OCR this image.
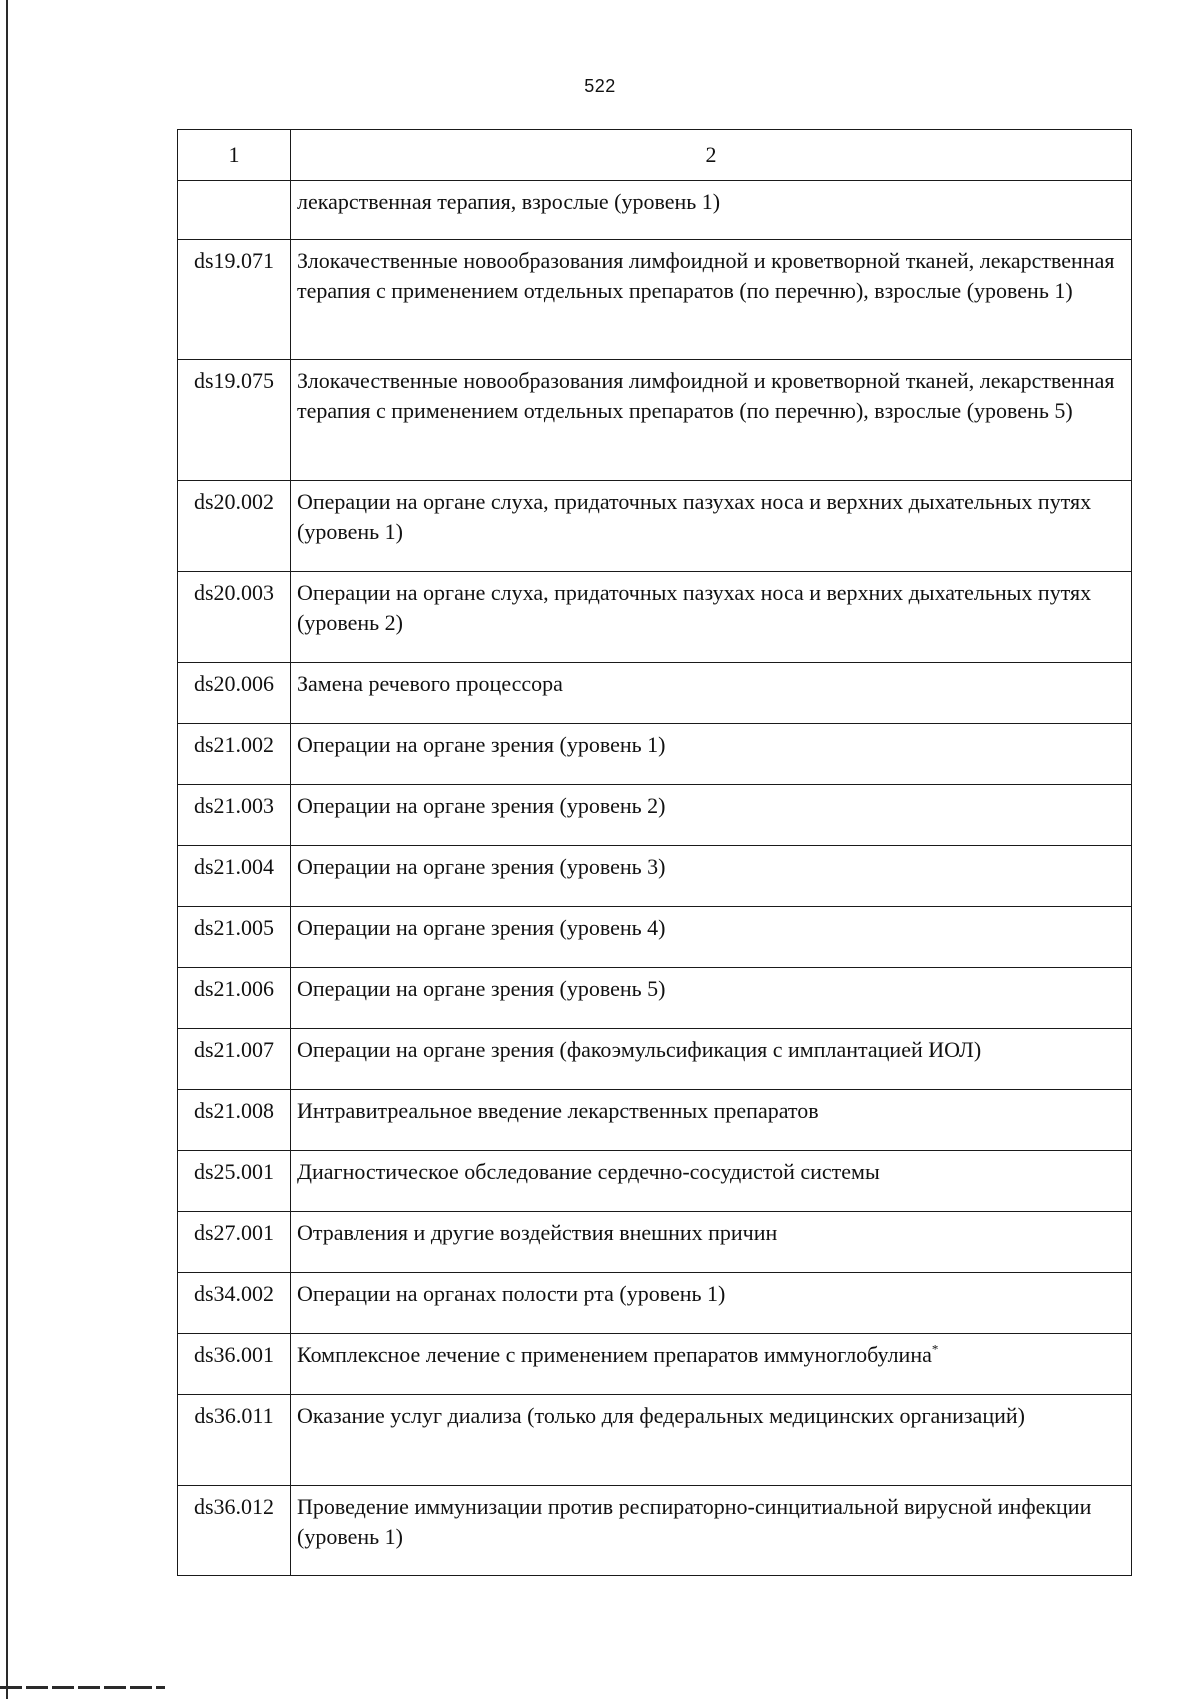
522
1	2
	лекарственная терапия, взрослые (уровень 1)
ds19.071	Злокачественные новообразования лимфоидной и кроветворной тканей, лекарственная терапия с применением отдельных препаратов (по перечню), взрослые (уровень 1)
ds19.075	Злокачественные новообразования лимфоидной и кроветворной тканей, лекарственная терапия с применением отдельных препаратов (по перечню), взрослые (уровень 5)
ds20.002	Операции на органе слуха, придаточных пазухах носа и верхних дыхательных путях (уровень 1)
ds20.003	Операции на органе слуха, придаточных пазухах носа и верхних дыхательных путях (уровень 2)
ds20.006	Замена речевого процессора
ds21.002	Операции на органе зрения (уровень 1)
ds21.003	Операции на органе зрения (уровень 2)
ds21.004	Операции на органе зрения (уровень 3)
ds21.005	Операции на органе зрения (уровень 4)
ds21.006	Операции на органе зрения (уровень 5)
ds21.007	Операции на органе зрения (факоэмульсификация с имплантацией ИОЛ)
ds21.008	Интравитреальное введение лекарственных препаратов
ds25.001	Диагностическое обследование сердечно-сосудистой системы
ds27.001	Отравления и другие воздействия внешних причин
ds34.002	Операции на органах полости рта (уровень 1)
ds36.001	Комплексное лечение с применением препаратов иммуноглобулина*
ds36.011	Оказание услуг диализа (только для федеральных медицинских организаций)
ds36.012	Проведение иммунизации против респираторно-синцитиальной вирусной инфекции (уровень 1)
